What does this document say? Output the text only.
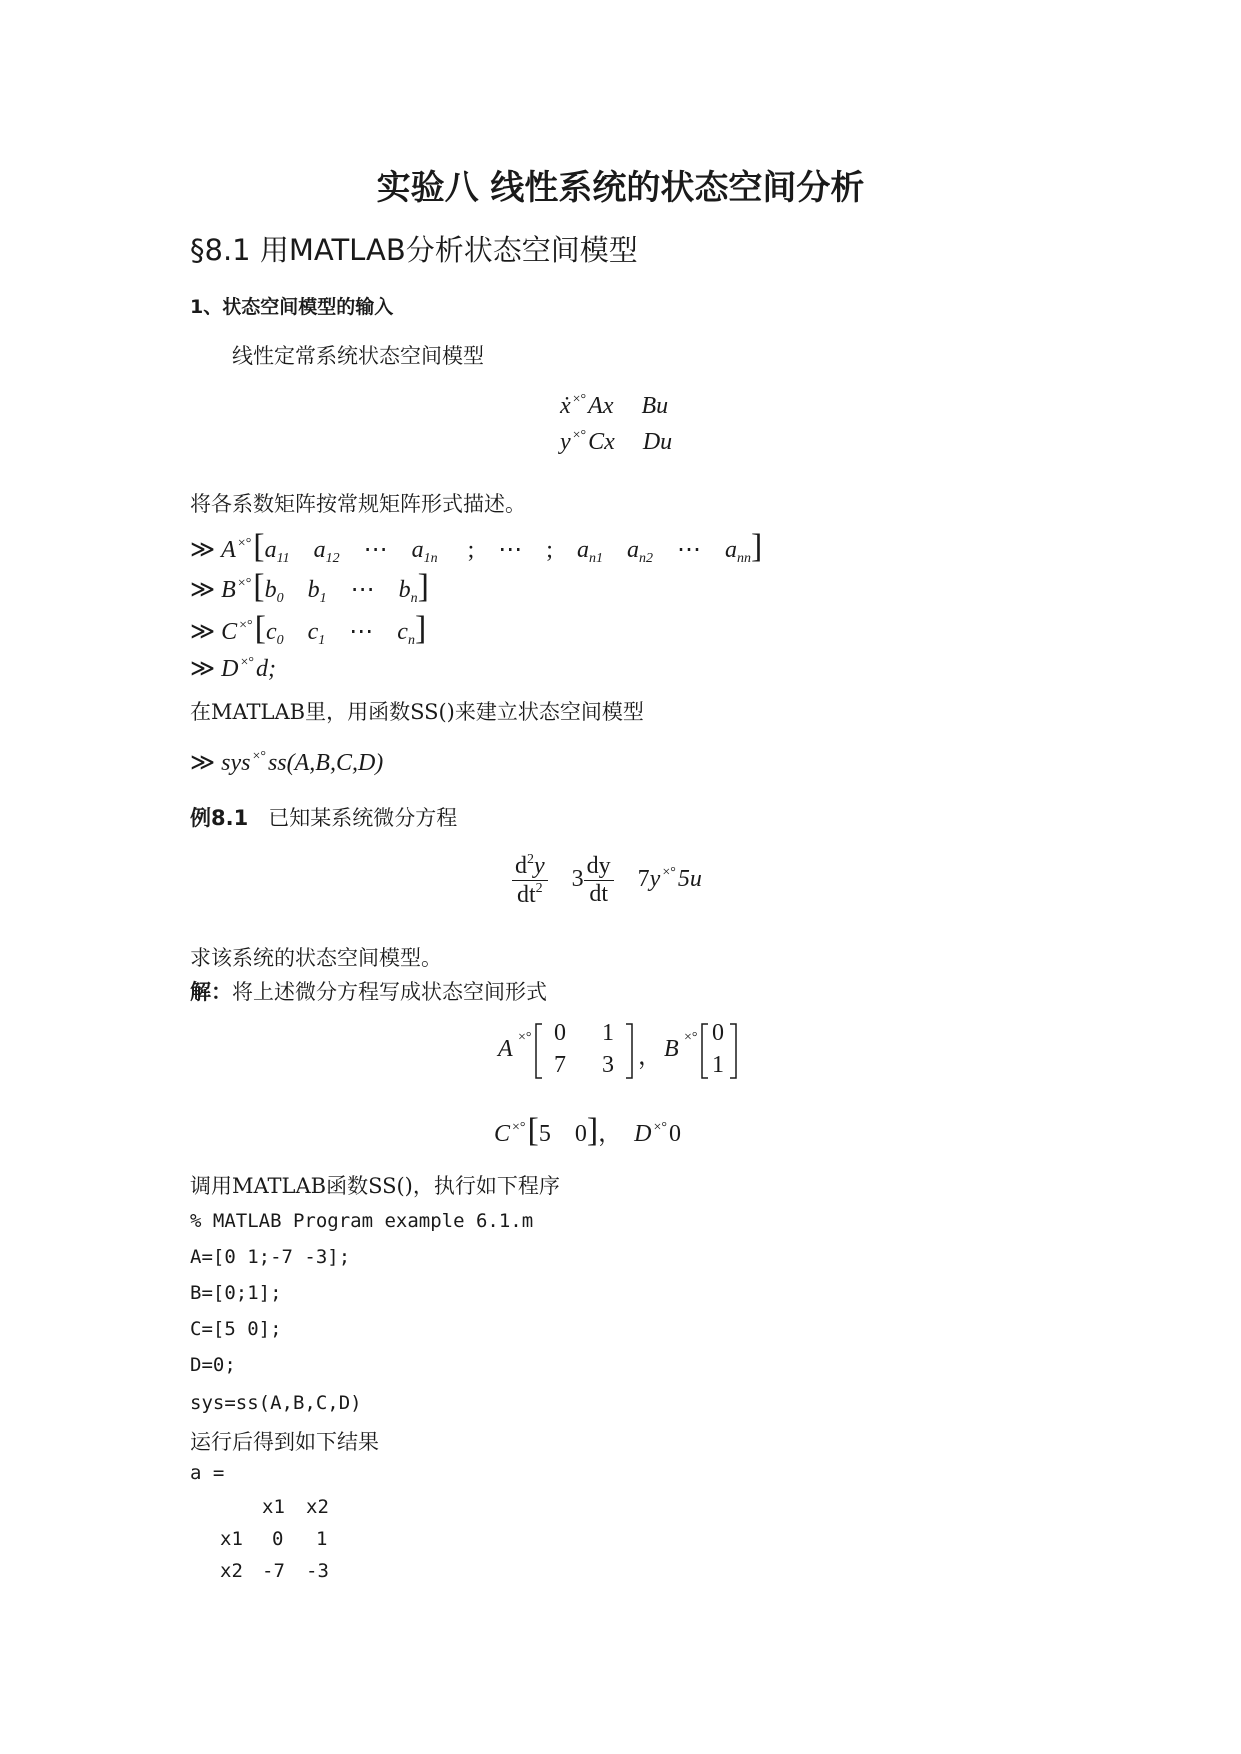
实验八 线性系统的状态空间分析
§8.1 用MATLAB分析状态空间模型
1、状态空间模型的输入
线性定常系统状态空间模型
ẋ ×°Ax Bu
y ×°Cx Du
将各系数矩阵按常规矩阵形式描述。
≫ A $^{\times^\circ}[a_{11}$ $a_{12}$ ⋯ $a_{1n}$ ; ⋯ ; $a_{n1}$ $a_{n2}$ ⋯ $a_{nn}$]
≫ B $^{\times^\circ}[b_0$ $b_1$ ⋯ $b_n$]
≫ C $^{\times^\circ}[c_0$ $c_1$ ⋯ $c_n$]
≫ D ×°d;
在MATLAB里，用函数SS()来建立状态空间模型
≫ sys ×°ss(A,B,C,D)
例8.1 已知某系统微分方程
$\frac{d^2y}{dt^2} 3 \frac{dy}{dt} 7y$ ×°5u
求该系统的状态空间模型。
解：将上述微分方程写成状态空间形式
A ×° 0 1
7 3 ， B ×° 0
1
C ×°[5 0]， D ×°0
调用MATLAB函数SS()，执行如下程序
% MATLAB Program example 6.1.m
A=[0 1;-7 -3];
B=[0;1];
C=[5 0];
D=0;
sys=ss(A,B,C,D)
运行后得到如下结果
a =
x1 x2
x1 0 1
x2 -7 -3
